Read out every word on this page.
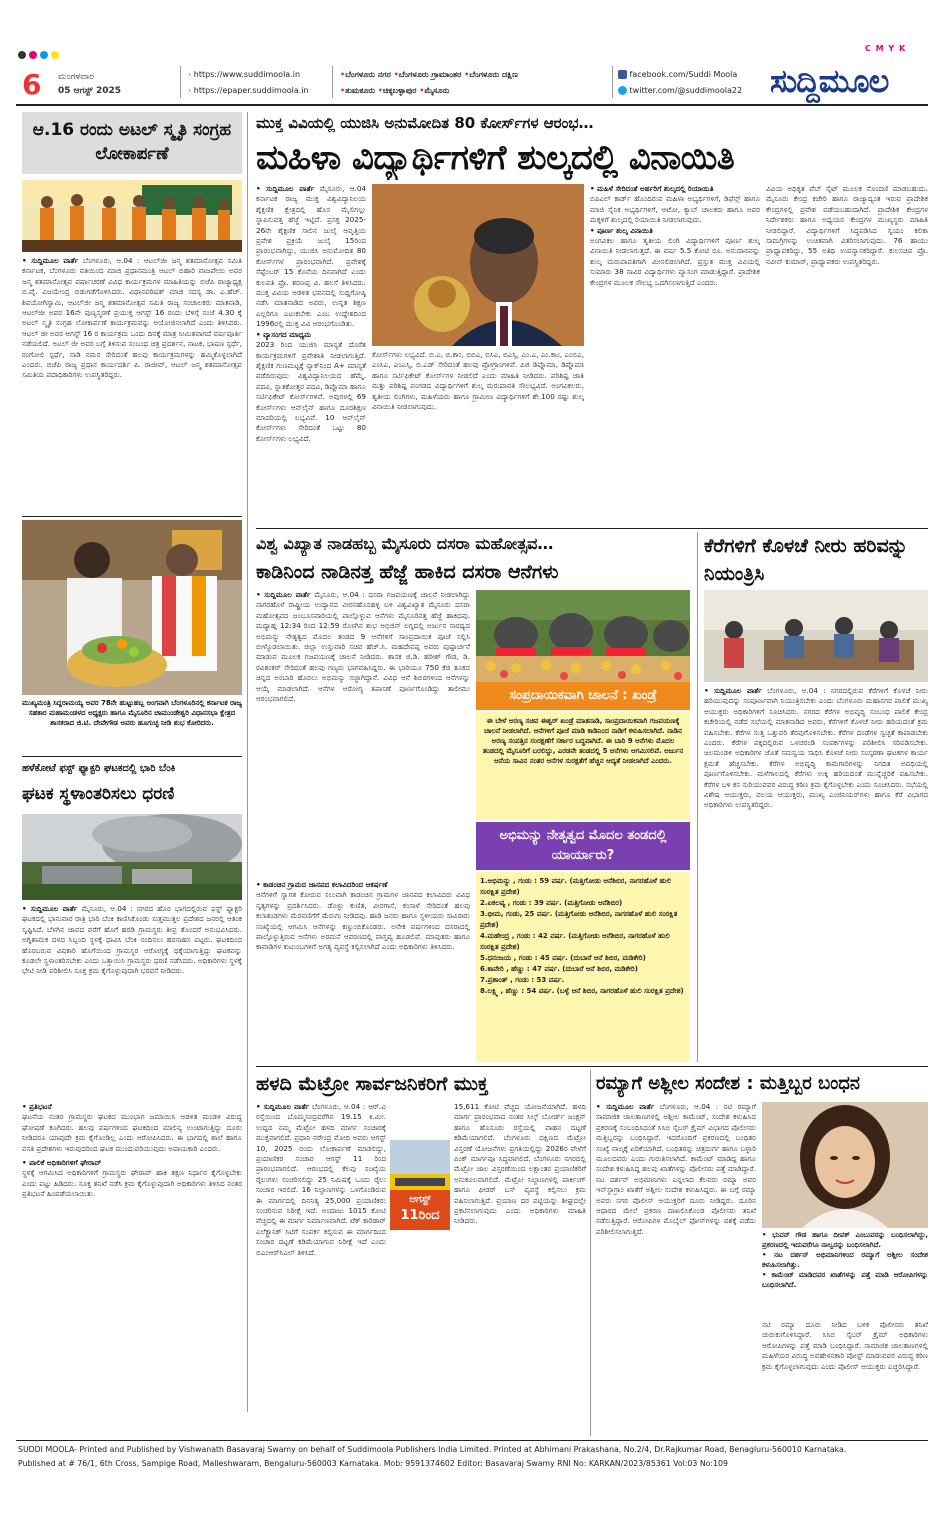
C M Y K
6 ಮಂಗಳವಾರ
05 ಆಗಸ್ಟ್ 2025
› https://www.suddimoola.in
› https://epaper.suddimoola.in
•ಬೆಂಗಳೂರು ನಗರ •ಬೆಂಗಳೂರು ಗ್ರಾಮಾಂತರ •ಬೆಂಗಳೂರು ದಕ್ಷಿಣ
•ತುಮಕೂರು •ಚಿಕ್ಕಬಳ್ಳಾಪುರ •ಮೈಸೂರು
facebook.com/Suddi Moola
twitter.com/@suddimoola22 ಸುದ್ದಿಮೂಲ
ಆ.16 ರಂದು ಅಟಲ್ ಸ್ಮೃತಿ ಸಂಗ್ರಹ ಲೋಕಾರ್ಪಣೆ
• ಸುದ್ದಿಮೂಲ ವಾರ್ತೆ ಬೆಂಗಳೂರು, ಆ.04 : ಆಟಲ್‌ಜೀ ಜನ್ಮ ಶತಮಾನೋತ್ಸವ ಸಮಿತಿ ಕರ್ನಾಟಕ, ಬೆಂಗಳೂರು ವತಿಯಿಂದ ಮಾಜಿ ಪ್ರಧಾನಮಂತ್ರಿ ಆಟಲ್ ಬಿಹಾರಿ ವಾಜಪೇಯಿ ಅವರ ಜನ್ಮ ಶತಮಾನೋತ್ಸವ ವರ್ಷಾಚರಣೆ ವಿವಿಧ ಕಾರ್ಯಕ್ರಮಗಳ ಮಾಹಿತಿಯನ್ನು ಬಿಜೆಪಿ ರಾಜ್ಯಾಧ್ಯಕ್ಷ ಬಿ.ವೈ. ವಿಜಯೇಂದ್ರ ಬಿಡುಗಡೆಗೊಳಿಸಿದರು. ವಿಧಾನಪರಿಷತ್ ಮಾಜಿ ಸದಸ್ಯ ಡಾ. ಎ.ಹೆಚ್. ಶಿವಯೋಗಿಸ್ವಾಮಿ, ಆಟಲ್‌ಜೀ ಜನ್ಮ ಶತಮಾನೋತ್ಸವ ಸಮಿತಿ ರಾಜ್ಯ ಸಂಚಾಲಕರು ಮಾತನಾಡಿ, ಆಟಲ್‌ಜೀ ಅವರ 16ನೇ ಪುಣ್ಯಸ್ಮರಣೆ ಪ್ರಯುಕ್ತ ಆಗಸ್ಟ್ 16 ರಂದು ಬೆಳಿಗ್ಗೆ ಸಂಜೆ 4.30 ಕ್ಕೆ ಅಟಲ್ ಸ್ಮೃತಿ ಸಂಗ್ರಹ ಲೋಕಾರ್ಪಣೆ ಕಾರ್ಯಕ್ರಮವನ್ನು ಆಯೋಜಿಸಲಾಗಿದೆ ಎಂದು ತಿಳಿಸಿದರು. ಆಟಲ್ ಜೀ ಅವರ ಆಗಸ್ಟ್ 16 ರ ಕಾರ್ಯಕ್ರಮ ಒಂದು ದಿನಕ್ಕೆ ಮಾತ್ರ ಸೀಮಿತವಾಗದೆ ವರ್ಷಪೂರ್ತಿ ನಡೆಯಲಿದೆ. ಅಟಲ್ ಜೀ ಅವರ ಬಗ್ಗೆ ತಿಳಿಸುವ ಸಂಬಂಧ ಚಿತ್ರ ಪ್ರದರ್ಶನ, ನಾಟಕ, ಭಾಷಣ ಸ್ಪರ್ಧೆ, ರಂಗೋಲಿ ಸ್ಪರ್ಧೆ, ನಾಡಿ ನಮನ ಸೇರಿದಂತೆ ಹಲವು ಕಾರ್ಯಕ್ರಮಗಳನ್ನು ಹಮ್ಮಿಕೊಳ್ಳಲಾಗಿದೆ ಎಂದರು. ಬಿಜೆಪಿ ರಾಜ್ಯ ಪ್ರಧಾನ ಕಾರ್ಯದರ್ಶಿ ಪಿ. ರಾಜೀವ್, ಆಟಲ್ ಜನ್ಮ ಶತಮಾನೋತ್ಸವ ಸಮಿತಿಯ ಪದಾಧಿಕಾರಿಗಳು ಉಪಸ್ಥಿತರಿದ್ದರು.
ಮುಖ್ಯಮಂತ್ರಿ ಸಿದ್ದರಾಮಯ್ಯ ಅವರ 78ನೇ ಹುಟ್ಟುಹಬ್ಬ ಅಂಗವಾಗಿ ಬೆಂಗಳೂರಿನಲ್ಲಿ ಕರ್ನಾಟಕ ರಾಜ್ಯ ಸಹಕಾರ ಮಹಾಮಂಡಳದ ಅಧ್ಯಕ್ಷರು ಹಾಗೂ ಮೈಸೂರಿನ ಚಾಮುಂಡೇಶ್ವರಿ ವಿಧಾನಸಭಾ ಕ್ಷೇತ್ರದ ಶಾಸಕರಾದ ಜಿ.ಟಿ. ದೇವೇಗೌಡ ಅವರು ಹೂಗುಚ್ಛ ನೀಡಿ ಶುಭ ಕೋರಿದರು.
ಹಳೆಕೋಟೆ ಫಸ್ಟ್ ಫ್ಯಾಕ್ಟರಿ ಘಟಕದಲ್ಲಿ ಭಾರಿ ಬೆಂಕಿ
ಘಟಕ ಸ್ಥಳಾಂತರಿಸಲು ಧರಣಿ
• ಸುದ್ದಿಮೂಲ ವಾರ್ತೆ ಮೈಸೂರು, ಆ.04 : ನಗರದ ಹೊರ ಭಾಗದಲ್ಲಿರುವ ಫಸ್ಟ್ ಫ್ಯಾಕ್ಟರಿ ಘಟಕದಲ್ಲಿ ಭಾನುವಾರ ರಾತ್ರಿ ಭಾರಿ ಬೆಂಕಿ ಕಾಣಿಸಿಕೊಂಡು ಸುತ್ತಮುತ್ತಲ ಪ್ರದೇಶದ ಜನರಲ್ಲಿ ಆತಂಕ ಸೃಷ್ಟಿಸಿದೆ. ಬೆಳಗಿನ ಜಾವದ ವರೆಗೆ ಹೊಗೆ ಹರಡಿ ಗ್ರಾಮಸ್ಥರು ತೀವ್ರ ತೊಂದರೆ ಅನುಭವಿಸಿದರು. ಅಗ್ನಿಶಾಮಕ ದಳದ ಸಿಬ್ಬಂದಿ ಸ್ಥಳಕ್ಕೆ ಧಾವಿಸಿ ಬೆಂಕಿ ನಂದಿಸಲು ಹರಸಾಹಸ ಪಟ್ಟರು. ಘಟಕದಿಂದ ಹೊರಬರುವ ವಿಷಕಾರಿ ಹೊಗೆಯಿಂದ ಗ್ರಾಮಸ್ಥರ ಆರೋಗ್ಯಕ್ಕೆ ಧಕ್ಕೆಯಾಗುತ್ತಿದ್ದು ಘಟಕವನ್ನು ಕೂಡಲೇ ಸ್ಥಳಾಂತರಿಸಬೇಕು ಎಂದು ಒತ್ತಾಯಿಸಿ ಗ್ರಾಮಸ್ಥರು ಧರಣಿ ನಡೆಸಿದರು. ಅಧಿಕಾರಿಗಳು ಸ್ಥಳಕ್ಕೆ ಭೇಟಿ ನೀಡಿ ಪರಿಶೀಲಿಸಿ ಸೂಕ್ತ ಕ್ರಮ ಕೈಗೊಳ್ಳುವುದಾಗಿ ಭರವಸೆ ನೀಡಿದರು.
• ಪ್ರತಿಭಟನೆ
ಘಟನೆಯ ನಂತರ ಗ್ರಾಮಸ್ಥರು ಘಟಕದ ಮುಂಭಾಗ ಜಮಾಯಿಸಿ ಆಡಳಿತ ಮಂಡಳಿ ವಿರುದ್ಧ ಘೋಷಣೆ ಕೂಗಿದರು. ಹಲವು ವರ್ಷಗಳಿಂದ ಘಟಕದಿಂದ ಮಾಲಿನ್ಯ ಉಂಟಾಗುತ್ತಿದ್ದು ದೂರು ನೀಡಿದರೂ ಯಾವುದೇ ಕ್ರಮ ಕೈಗೊಂಡಿಲ್ಲ ಎಂದು ಆರೋಪಿಸಿದರು. ಈ ಭಾಗದಲ್ಲಿ ಶಾಲೆ ಹಾಗೂ ವಸತಿ ಪ್ರದೇಶಗಳು ಇರುವುದರಿಂದ ಘಟಕ ಮುಂದುವರಿಯುವುದು ಅಪಾಯಕಾರಿ ಎಂದರು.
• ಪಾಲಿಕೆ ಅಧಿಕಾರಿಗಳಿಗೆ ಘೇರಾವ್
ಸ್ಥಳಕ್ಕೆ ಆಗಮಿಸಿದ ಅಧಿಕಾರಿಗಳಿಗೆ ಗ್ರಾಮಸ್ಥರು ಘೇರಾವ್ ಹಾಕಿ ತಕ್ಷಣ ನಿರ್ಧಾರ ಕೈಗೊಳ್ಳಬೇಕು ಎಂದು ಪಟ್ಟು ಹಿಡಿದರು. ಸೂಕ್ತ ತನಿಖೆ ನಡೆಸಿ ಕ್ರಮ ಕೈಗೊಳ್ಳುವುದಾಗಿ ಅಧಿಕಾರಿಗಳು ತಿಳಿಸಿದ ನಂತರ ಪ್ರತಿಭಟನೆ ಹಿಂಪಡೆಯಲಾಯಿತು.
ಮುಕ್ತ ವಿವಿಯಲ್ಲಿ ಯುಜಿಸಿ ಅನುಮೋದಿತ 80 ಕೋರ್ಸ್‌ಗಳ ಆರಂಭ…
ಮಹಿಳಾ ವಿದ್ಯಾರ್ಥಿಗಳಿಗೆ ಶುಲ್ಕದಲ್ಲಿ ವಿನಾಯಿತಿ
• ಸುದ್ದಿಮೂಲ ವಾರ್ತೆ ಮೈಸೂರು, ಆ.04 ಕರ್ನಾಟಕ ರಾಜ್ಯ ಮುಕ್ತ ವಿಶ್ವವಿದ್ಯಾನಿಲಯ ಶೈಕ್ಷಣಿಕ ಕ್ಷೇತ್ರದಲ್ಲಿ ಹೊಸ ಮೈಲಿಗಲ್ಲು ಸ್ಥಾಪಿಸುವತ್ತ ಹೆಜ್ಜೆ ಇಟ್ಟಿದೆ. ಪ್ರಸಕ್ತ 2025-26ನೇ ಶೈಕ್ಷಣಿಕ ಸಾಲಿನ ಜುಲೈ ಆವೃತ್ತಿಯ ಪ್ರವೇಶ ಪ್ರಕ್ರಿಯೆ ಜುಲೈ 15ರಿಂದ ಪ್ರಾರಂಭವಾಗಿದ್ದು, ಯುಜಿಸಿ ಅನುಮೋದಿತ 80 ಕೋರ್ಸ್‌ಗಳ ಪ್ರಾರಂಭವಾಗಿದೆ. ಪ್ರವೇಶಕ್ಕೆ ಸೆಪ್ಟೆಂಬರ್ 15 ಕೊನೆಯ ದಿನವಾಗಿದೆ ಎಂದು ಕುಲಪತಿ ಪ್ರೊ. ಶರಣಪ್ಪ ವಿ. ಹಲಸೆ ತಿಳಿಸಿದರು. ಮುಕ್ತ ವಿವಿಯ ಆಡಳಿತ ಭವನದಲ್ಲಿ ಸುದ್ದಿಗೋಷ್ಠಿ ನಡೆಸಿ ಮಾತನಾಡಿದ ಅವರು, ಉನ್ನತ ಶಿಕ್ಷಣ ಎಲ್ಲರಿಗೂ ಎಟುಕಬೇಕು ಎಂಬ ಉದ್ದೇಶದಿಂದ 1996ರಲ್ಲಿ ಮುಕ್ತ ವಿವಿ ಆರಂಭಗೊಂಡಿತು.
• ವ್ಯಾಸಂಗದ ಮಾಧ್ಯಮ
2023 ರಿಂದ ಯುಜಿಸಿ ಮಾನ್ಯತೆ ದೊರೆತ ಕಾರ್ಯಕ್ರಮಗಳಿಗೆ ಪ್ರವೇಶಾತಿ ನೀಡಲಾಗುತ್ತಿದೆ. ಶೈಕ್ಷಣಿಕ ಗುಣಮಟ್ಟಕ್ಕೆ ನ್ಯಾಕ್‌ನಿಂದ A+ ಮಾನ್ಯತೆ ಪಡೆದಿರುವುದು ವಿಶ್ವವಿದ್ಯಾನಿಲಯದ ಹೆಮ್ಮೆ. ಪದವಿ, ಸ್ನಾತಕೋತ್ತರ ಪದವಿ, ಡಿಪ್ಲೊಮಾ ಹಾಗೂ ಸರ್ಟಿಫಿಕೇಟ್ ಕೋರ್ಸ್‌ಗಳಿವೆ. ಅವುಗಳಲ್ಲಿ 69 ಕೋರ್ಸ್‌ಗಳು ಆನ್‌ಲೈನ್ ಹಾಗೂ ದೂರಶಿಕ್ಷಣ ಮಾದರಿಯಲ್ಲಿ ಲಭ್ಯವಿವೆ. 10 ಆನ್‌ಲೈನ್ ಕೋರ್ಸ್‌ಗಳು ಸೇರಿದಂತೆ ಒಟ್ಟು 80 ಕೋರ್ಸ್‌ಗಳು ಲಭ್ಯವಿದೆ.
ಕೋರ್ಸ್‌ಗಳು ಲಭ್ಯವಿದೆ. ಬಿ.ಎ, ಬಿ.ಕಾಂ, ಬಿಬಿಎ, ಬಿಸಿಎ, ಬಿಎಸ್ಸಿ, ಎಂ.ಎ, ಎಂ.ಕಾಂ, ಎಂಬಿಎ, ಎಂಸಿಎ, ಎಂಎಸ್ಸಿ, ಬಿ.ಎಡ್ ಸೇರಿದಂತೆ ಹಲವು ಪ್ರೋಗ್ರಾಂಗಳಿವೆ. ಪಿಜಿ ಡಿಪ್ಲೊಮಾ, ಡಿಪ್ಲೊಮಾ ಹಾಗೂ ಸರ್ಟಿಫಿಕೇಟ್ ಕೋರ್ಸ್‌ಗಳ ನೀಡಲಿದೆ ಎಂದು ಮಾಹಿತಿ ನೀಡಿದರು. ಪರಿಶಿಷ್ಟ ಜಾತಿ ಮತ್ತು ಪರಿಶಿಷ್ಟ ಪಂಗಡದ ವಿದ್ಯಾರ್ಥಿಗಳಿಗೆ ಶುಲ್ಕ ಮರುಪಾವತಿ ಸೌಲಭ್ಯವಿದೆ. ಅಂಗವಿಕಲರು, ತೃತೀಯ ಲಿಂಗಿಗಳು, ಮಹಿಳೆಯರು ಹಾಗೂ ಗ್ರಾಮೀಣ ವಿದ್ಯಾರ್ಥಿಗಳಿಗೆ ಶೇ.100 ರಷ್ಟು ಶುಲ್ಕ ವಿನಾಯಿತಿ ನೀಡಲಾಗುವುದು.
• ಮಹಿಳೆ ಸೇರಿದಂತೆ ಅರ್ಹರಿಗೆ ಶುಲ್ಕದಲ್ಲಿ ರಿಯಾಯಿತಿ
ಬಿಪಿಎಲ್ ಕಾರ್ಡ್ ಹೊಂದಿರುವ ಮಹಿಳಾ ಅಭ್ಯರ್ಥಿಗಳಿಗೆ, ಡಿಫೆನ್ಸ್ ಹಾಗೂ ಮಾಜಿ ಸೈನಿಕ ಅಭ್ಯರ್ಥಿಗಳಿಗೆ, ಆಟೋ, ಕ್ಯಾಬ್ ಚಾಲಕರು ಹಾಗೂ ಅವರ ಮಕ್ಕಳಿಗೆ ಶುಲ್ಕದಲ್ಲಿ ರಿಯಾಯಿತಿ ನೀಡಲಾಗುವುದು.
• ಪೂರ್ಣ ಶುಲ್ಕ ವಿನಾಯಿತಿ
ಅಂಗವಿಕಲ ಹಾಗೂ ತೃತೀಯ ಲಿಂಗಿ ವಿದ್ಯಾರ್ಥಿಗಳಿಗೆ ಪೂರ್ಣ ಶುಲ್ಕ ವಿನಾಯಿತಿ ನೀಡಲಾಗುತ್ತದೆ. ಈ ವರ್ಷ 5.5 ಕೋಟಿ ರೂ. ಅನುದಾನವನ್ನು ಶುಲ್ಕ ಮರುಪಾವತಿಗಾಗಿ ಮೀಸಲಿಡಲಾಗಿದೆ. ಪ್ರಸ್ತುತ ಮುಕ್ತ ವಿವಿಯಲ್ಲಿ ಸುಮಾರು 38 ಸಾವಿರ ವಿದ್ಯಾರ್ಥಿಗಳು ವ್ಯಾಸಂಗ ಮಾಡುತ್ತಿದ್ದಾರೆ. ಪ್ರಾದೇಶಿಕ ಕೇಂದ್ರಗಳ ಮೂಲಕ ಸೌಲಭ್ಯ ಒದಗಿಸಲಾಗುತ್ತಿದೆ ಎಂದರು.
ವಿವಿಯ ಅಧಿಕೃತ ವೆಬ್ ಸೈಟ್ ಮೂಲಕ ನೊಂದಣಿ ಮಾಡಬಹುದು. ಮೈಸೂರು ಕೇಂದ್ರ ಕಚೇರಿ ಹಾಗೂ ರಾಜ್ಯಾದ್ಯಂತ ಇರುವ ಪ್ರಾದೇಶಿಕ ಕೇಂದ್ರಗಳಲ್ಲಿ ಪ್ರವೇಶ ಪಡೆಯಬಹುದಾಗಿದೆ. ಪ್ರಾದೇಶಿಕ ಕೇಂದ್ರಗಳ ನಿರ್ದೇಶಕರು ಹಾಗೂ ಅಧ್ಯಯನ ಕೇಂದ್ರಗಳ ಮುಖ್ಯಸ್ಥರು ಮಾಹಿತಿ ನೀಡಲಿದ್ದಾರೆ. ವಿದ್ಯಾರ್ಥಿಗಳಿಗೆ ಸಿದ್ಧಪಡಿಸಿದ ಸ್ವಯಂ ಕಲಿಕಾ ಸಾಮಗ್ರಿಗಳನ್ನು ಉಚಿತವಾಗಿ ವಿತರಿಸಲಾಗುವುದು. 76 ಹಾಯು ಪ್ರಾಧ್ಯಾಪಕರಿದ್ದು, 55 ಅತಿಥಿ ಉಪನ್ಯಾಸಕರಿದ್ದಾರೆ. ಕುಲಸಚಿವ ಪ್ರೊ. ನವೀನ್ ಕುಮಾರ್, ಪ್ರಾಧ್ಯಾಪಕರು ಉಪಸ್ಥಿತರಿದ್ದರು.
ವಿಶ್ವ ವಿಖ್ಯಾತ ನಾಡಹಬ್ಬ ಮೈಸೂರು ದಸರಾ ಮಹೋತ್ಸವ…
ಕಾಡಿನಿಂದ ನಾಡಿನತ್ತ ಹೆಜ್ಜೆ ಹಾಕಿದ ದಸರಾ ಆನೆಗಳು
• ಸುದ್ದಿಮೂಲ ವಾರ್ತೆ ಮೈಸೂರು, ಆ.04 : ದಸರಾ ಗಜಪಯಣಕ್ಕೆ ಚಾಲನೆ ನೀಡಲಾಗಿದ್ದು ನಾಗರಹೊಳೆ ರಾಷ್ಟ್ರೀಯ ಉದ್ಯಾನದ ವೀರನಹೊಸಹಳ್ಳಿ ಬಳಿ ವಿಶ್ವವಿಖ್ಯಾತ ಮೈಸೂರು ದಸರಾ ಮಹೋತ್ಸವದ ಜಂಬೂಸವಾರಿಯಲ್ಲಿ ಪಾಲ್ಗೊಳ್ಳುವ ಆನೆಗಳು ಮೈಸೂರಿನತ್ತ ಹೆಜ್ಜೆ ಹಾಕಿದವು. ಮಧ್ಯಾಹ್ನ 12:34 ರಿಂದ 12:59 ರೊಳಗಿನ ಶುಭ ಅಭಿಜಿನ್ ಲಗ್ನದಲ್ಲಿ ಅರ್ಜುನ ಸಾರಥ್ಯದ ಅಭಿಮನ್ಯು ನೇತೃತ್ವದ ಮೊದಲ ತಂಡದ 9 ಆನೆಗಳಿಗೆ ಸಾಂಪ್ರದಾಯಿಕ ಪೂಜೆ ಸಲ್ಲಿಸಿ ಬೀಳ್ಕೊಡಲಾಯಿತು. ಜಿಲ್ಲಾ ಉಸ್ತುವಾರಿ ಸಚಿವ ಹೆಚ್.ಸಿ. ಮಹದೇವಪ್ಪ ಅವರು ಪುಷ್ಪಾರ್ಚನೆ ಮಾಡುವ ಮೂಲಕ ಗಜಪಯಣಕ್ಕೆ ಚಾಲನೆ ನೀಡಿದರು. ಶಾಸಕ ಜಿ.ಡಿ. ಹರೀಶ್ ಗೌಡ, ಡಿ. ರವಿಶಂಕರ್ ಸೇರಿದಂತೆ ಹಲವು ಗಣ್ಯರು ಭಾಗವಹಿಸಿದ್ದರು. ಈ ಭಾರಿಯೂ 750 ಕೆಜಿ ತೂಕದ ಚಿನ್ನದ ಅಂಬಾರಿ ಹೊರಲು ಅಭಿಮನ್ಯು ಸಜ್ಜಾಗಿದ್ದಾನೆ. ವಿವಿಧ ಆನೆ ಶಿಬಿರಗಳಿಂದ ಆನೆಗಳನ್ನು ಆಯ್ಕೆ ಮಾಡಲಾಗಿದೆ. ಆನೆಗಳ ಆರೋಗ್ಯ ತಪಾಸಣೆ ಪೂರ್ಣಗೊಂಡಿದ್ದು ತಾಲೀಮು ಆರಂಭವಾಗಲಿದೆ.
• ಕಾಡಂಚಿನ ಗ್ರಾಮದ ಜಾನಪದ ಕಲಾವಿದರಿಂದ ಆಕರ್ಷಣೆ
ಆನೆಗಳಿಗೆ ಸ್ವಾಗತ ಕೋರುವ ಸಲುವಾಗಿ ಕಾಡಂಚಿನ ಗ್ರಾಮಗಳ ಜಾನಪದ ಕಲಾವಿದರು ವಿವಿಧ ನೃತ್ಯಗಳನ್ನು ಪ್ರದರ್ಶಿಸಿದರು. ಡೊಳ್ಳು ಕುಣಿತ, ವೀರಗಾಸೆ, ಕಂಸಾಳೆ ಸೇರಿದಂತೆ ಹಲವು ಕಲಾತಂಡಗಳು ಮೆರವಣಿಗೆಗೆ ಮೆರುಗು ನೀಡಿದವು. ಹಾಡಿ ಜನರು ಹಾಗೂ ಸ್ಥಳೀಯರು ಸಾವಿರಾರು ಸಂಖ್ಯೆಯಲ್ಲಿ ಆಗಮಿಸಿ ಆನೆಗಳನ್ನು ಕಣ್ತುಂಬಿಕೊಂಡರು. ಅನೇಕ ವರ್ಷಗಳಿಂದ ದಸರಾದಲ್ಲಿ ಪಾಲ್ಗೊಳ್ಳುತ್ತಿರುವ ಆನೆಗಳು ಅರಮನೆ ಆವರಣದಲ್ಲಿ ವಾಸ್ತವ್ಯ ಹೂಡಲಿವೆ. ಮಾವುತರು ಹಾಗೂ ಕಾವಾಡಿಗಳ ಕುಟುಂಬಗಳಿಗೆ ಅಗತ್ಯ ವ್ಯವಸ್ಥೆ ಕಲ್ಪಿಸಲಾಗಿದೆ ಎಂದು ಅಧಿಕಾರಿಗಳು ತಿಳಿಸಿದರು.
ಸಂಪ್ರದಾಯಿಕವಾಗಿ ಚಾಲನೆ : ಖಂಡ್ರೆ
ಈ ಬೇಳೆ ಅರಣ್ಯ ಸಚಿವ ಈಶ್ವರ್ ಖಂಡ್ರೆ ಮಾತನಾಡಿ, ಸಾಂಪ್ರದಾಯಿಕವಾಗಿ ಗಜಪಯಣಕ್ಕೆ ಚಾಲನೆ ನೀಡಲಾಗಿದೆ. ಆನೆಗಳಿಗೆ ಪೂಜೆ ಮಾಡಿ ಕಾಡಿನಿಂದ ನಾಡಿಗೆ ಕಳುಹಿಸಲಾಗಿದೆ. ನಾಡಿನ ಅರಣ್ಯ ಸಂಪತ್ತಿನ ಸಂರಕ್ಷಣೆಗೆ ಸರ್ಕಾರ ಬದ್ಧವಾಗಿದೆ. ಈ ಬಾರಿ 9 ಆನೆಗಳು ಮೊದಲ ತಂಡದಲ್ಲಿ ಮೈಸೂರಿಗೆ ಬರಲಿದ್ದು, ಎರಡನೇ ತಂಡದಲ್ಲಿ 5 ಆನೆಗಳು ಆಗಮಿಸಲಿವೆ. ಅರ್ಜುನ ಆನೆಯ ಸಾವಿನ ನಂತರ ಆನೆಗಳ ಸುರಕ್ಷತೆಗೆ ಹೆಚ್ಚಿನ ಆದ್ಯತೆ ನೀಡಲಾಗಿದೆ ಎಂದರು.
ಅಭಿಮನ್ಯು ನೇತೃತ್ವದ ಮೊದಲ ತಂಡದಲ್ಲಿ ಯಾರ್ಯಾರು?
1.ಅಭಿಮನ್ಯು , ಗಂಡು : 59 ವರ್ಷ. (ಮತ್ತಿಗೋಡು ಆನೆಶಿಬಿರ, ನಾಗರಹೊಳೆ ಹುಲಿ ಸಂರಕ್ಷಿತ ಪ್ರದೇಶ)
2.ಏಕಲವ್ಯ , ಗಂಡು : 39 ವರ್ಷ. (ಮತ್ತಿಗೋಡು ಆನೆಶಿಬಿರ)
3.ಭೀಮ, ಗಂಡು, 25 ವರ್ಷ. (ಮತ್ತಿಗೋಡು ಆನೆಶಿಬಿರ, ನಾಗರಹೊಳೆ ಹುಲಿ ಸಂರಕ್ಷಿತ ಪ್ರದೇಶ)
4.ಮಹೇಂದ್ರ , ಗಂಡು : 42 ವರ್ಷ. (ಮತ್ತಿಗೋಡು ಆನೆಶಿಬಿರ, ನಾಗರಹೊಳೆ ಹುಲಿ ಸಂರಕ್ಷಿತ ಪ್ರದೇಶ)
5.ಧನಂಜಯ , ಗಂಡು : 45 ವರ್ಷ. (ದುಬಾರೆ ಆನೆ ಶಿಬಿರ, ಮಡಿಕೇರಿ)
6.ಕಾವೇರಿ , ಹೆಣ್ಣು : 47 ವರ್ಷ. (ದುಬಾರೆ ಆನೆ ಶಿಬಿರ, ಮಡಿಕೇರಿ)
7.ಪ್ರಶಾಂತ್ , ಗಂಡು : 53 ವರ್ಷ.
8.ಲಕ್ಷ್ಮಿ , ಹೆಣ್ಣು : 54 ವರ್ಷ. (ಬಳ್ಳೆ ಆನೆ ಶಿಬಿರ, ನಾಗರಹೊಳೆ ಹುಲಿ ಸಂರಕ್ಷಿತ ಪ್ರದೇಶ)
ಕೆರೆಗಳಿಗೆ ಕೊಳಚೆ ನೀರು ಹರಿವನ್ನು ನಿಯಂತ್ರಿಸಿ
• ಸುದ್ದಿಮೂಲ ವಾರ್ತೆ ಬೆಂಗಳೂರು, ಆ.04 : ನಗರದಲ್ಲಿರುವ ಕೆರೆಗಳಿಗೆ ಕೊಳಚೆ ನೀರು ಹರಿಯುವುದನ್ನು ಸಂಪೂರ್ಣವಾಗಿ ನಿಯಂತ್ರಿಸಬೇಕು ಎಂದು ಬೆಂಗಳೂರು ಮಹಾನಗರ ಪಾಲಿಕೆ ಮುಖ್ಯ ಆಯುಕ್ತರು ಅಧಿಕಾರಿಗಳಿಗೆ ಸೂಚಿಸಿದರು. ನಗರದ ಕೆರೆಗಳ ಅಭಿವೃದ್ಧಿ ಸಂಬಂಧ ಪಾಲಿಕೆ ಕೇಂದ್ರ ಕಚೇರಿಯಲ್ಲಿ ನಡೆದ ಸಭೆಯಲ್ಲಿ ಮಾತನಾಡಿದ ಅವರು, ಕೆರೆಗಳಿಗೆ ಕೊಳಚೆ ನೀರು ಹರಿಯದಂತೆ ಕ್ರಮ ವಹಿಸಬೇಕು. ಕೆರೆಗಳ ಸುತ್ತ ಒತ್ತುವರಿ ತೆರವುಗೊಳಿಸಬೇಕು. ಕೆರೆಗಳ ದಂಡೆಗಳ ಸ್ವಚ್ಛತೆ ಕಾಪಾಡಬೇಕು ಎಂದರು. ಕೆರೆಗಳ ಪಕ್ಕದಲ್ಲಿರುವ ಒಳಚರಂಡಿ ಸಂಪರ್ಕಗಳನ್ನು ಪರಿಶೀಲಿಸಿ ಸರಿಪಡಿಸಬೇಕು. ಜಲಮಂಡಳಿ ಅಧಿಕಾರಿಗಳ ಜೊತೆ ಸಮನ್ವಯ ಸಾಧಿಸಿ ಕೊಳಚೆ ನೀರು ಸಂಸ್ಕರಣಾ ಘಟಕಗಳ ಕಾರ್ಯ ಕ್ಷಮತೆ ಹೆಚ್ಚಿಸಬೇಕು. ಕೆರೆಗಳ ಅಭಿವೃದ್ಧಿ ಕಾಮಗಾರಿಗಳನ್ನು ನಿಗದಿತ ಅವಧಿಯಲ್ಲಿ ಪೂರ್ಣಗೊಳಿಸಬೇಕು. ಮಳೆಗಾಲದಲ್ಲಿ ಕೆರೆಗಳು ಉಕ್ಕಿ ಹರಿಯದಂತೆ ಮುನ್ನೆಚ್ಚರಿಕೆ ವಹಿಸಬೇಕು. ಕೆರೆಗಳ ಬಳಿ ಕಸ ಸುರಿಯುವವರ ವಿರುದ್ಧ ಕಠಿಣ ಕ್ರಮ ಕೈಗೊಳ್ಳಬೇಕು ಎಂದು ಸೂಚಿಸಿದರು. ಸಭೆಯಲ್ಲಿ ವಿಶೇಷ ಆಯುಕ್ತರು, ವಲಯ ಆಯುಕ್ತರು, ಮುಖ್ಯ ಎಂಜಿನಿಯರ್‌ಗಳು ಹಾಗೂ ಕೆರೆ ವಿಭಾಗದ ಅಧಿಕಾರಿಗಳು ಉಪಸ್ಥಿತರಿದ್ದರು.
ಹಳದಿ ಮೆಟ್ರೋ ಸಾರ್ವಜನಿಕರಿಗೆ ಮುಕ್ತ
• ಸುದ್ದಿಮೂಲ ವಾರ್ತೆ ಬೆಂಗಳೂರು, ಆ.04 : ಆರ್.ವಿ ರಸ್ತೆಯಿಂದ ಬೊಮ್ಮಸಂದ್ರವರೆಗಿನ 19.15 ಕಿ.ಮೀ. ಉದ್ದದ ನಮ್ಮ ಮೆಟ್ರೋ ಹಳದಿ ಮಾರ್ಗ ಸಂಚಾರಕ್ಕೆ ಮುಕ್ತವಾಗಲಿದೆ. ಪ್ರಧಾನಿ ನರೇಂದ್ರ ಮೋದಿ ಅವರು ಆಗಸ್ಟ್ 10, 2025 ರಂದು ಲೋಕಾರ್ಪಣೆ ಮಾಡಲಿದ್ದು, ಪ್ರಯಾಣಿಕರ ಸಂಚಾರ ಆಗಸ್ಟ್ 11 ರಿಂದ ಪ್ರಾರಂಭವಾಗಲಿದೆ. ಆರಂಭದಲ್ಲಿ ಕೆಲವು ಸಂಖ್ಯೆಯ ರೈಲುಗಳು ಸಂಚರಿಸಲಿದ್ದು 25 ನಿಮಿಷಕ್ಕೆ ಒಂದು ರೈಲು ಸಂಚಾರ ಇರಲಿದೆ. 16 ನಿಲ್ದಾಣಗಳನ್ನು ಒಳಗೊಂಡಿರುವ ಈ ಮಾರ್ಗದಲ್ಲಿ ದಿನನಿತ್ಯ 25,000 ಪ್ರಯಾಣಿಕರು ಸಂಚರಿಸುವ ನಿರೀಕ್ಷೆ ಇದೆ. ಅಂದಾಜು 1015 ಕೋಟಿ ವೆಚ್ಚದಲ್ಲಿ ಈ ಮಾರ್ಗ ನಿರ್ಮಾಣವಾಗಿದೆ. ಟೆಕ್ ಕಾರಿಡಾರ್ ಎಲೆಕ್ಟ್ರಾನಿಕ್ ಸಿಟಿಗೆ ಸಂಪರ್ಕ ಕಲ್ಪಿಸುವ ಈ ಮಾರ್ಗದಿಂದ ಸಂಚಾರ ದಟ್ಟಣೆ ಕಡಿಮೆಯಾಗುವ ನಿರೀಕ್ಷೆ ಇದೆ ಎಂದು ಬಿಎಂಆರ್‌ಸಿಎಲ್ ತಿಳಿಸಿದೆ.
ಆಗಸ್ಟ್
11ರಿಂದ
15,611 ಕೋಟಿ ವೆಚ್ಚದ ಯೋಜನೆಯಾಗಿದೆ. ಹಳದಿ ಮಾರ್ಗ ಪ್ರಾರಂಭವಾದ ನಂತರ ಸಿಲ್ಕ್ ಬೋರ್ಡ್ ಜಂಕ್ಷನ್ ಹಾಗೂ ಹೊಸೂರು ರಸ್ತೆಯಲ್ಲಿ ವಾಹನ ದಟ್ಟಣೆ ಕಡಿಮೆಯಾಗಲಿದೆ. ಬೆಂಗಳೂರು ದಕ್ಷಿಣದ ಮೆಟ್ರೋ ವಿಸ್ತರಣೆ ಯೋಜನೆಗಳು ಪ್ರಗತಿಯಲ್ಲಿದ್ದು 2026ರ ವೇಳೆಗೆ ಪಿಂಕ್ ಮಾರ್ಗವೂ ಸಿದ್ಧವಾಗಲಿದೆ. ಬೆಂಗಳೂರು ನಗರದಲ್ಲಿ ಮೆಟ್ರೋ ಜಾಲ ವಿಸ್ತರಣೆಯಿಂದ ಲಕ್ಷಾಂತರ ಪ್ರಯಾಣಿಕರಿಗೆ ಅನುಕೂಲವಾಗಲಿದೆ. ಮೆಟ್ರೋ ನಿಲ್ದಾಣಗಳಲ್ಲಿ ಪಾರ್ಕಿಂಗ್ ಹಾಗೂ ಫೀಡರ್ ಬಸ್ ವ್ಯವಸ್ಥೆ ಕಲ್ಪಿಸಲು ಕ್ರಮ ವಹಿಸಲಾಗುತ್ತಿದೆ. ಪ್ರಯಾಣ ದರ ಪಟ್ಟಿಯನ್ನು ಶೀಘ್ರದಲ್ಲೇ ಪ್ರಕಟಿಸಲಾಗುವುದು ಎಂದು ಅಧಿಕಾರಿಗಳು ಮಾಹಿತಿ ನೀಡಿದರು.
ರಮ್ಯಾಗೆ ಅಶ್ಲೀಲ ಸಂದೇಶ : ಮತ್ತಿಬ್ಬರ ಬಂಧನ
• ಸುದ್ದಿಮೂಲ ವಾರ್ತೆ ಬೆಂಗಳೂರು, ಆ.04 : ನಟಿ ರಮ್ಯಾಗೆ ಸಾಮಾಜಿಕ ಜಾಲತಾಣಗಳಲ್ಲಿ ಅಶ್ಲೀಲ ಕಾಮೆಂಟ್, ಸಂದೇಶ ಕಳುಹಿಸಿದ ಪ್ರಕರಣಕ್ಕೆ ಸಂಬಂಧಿಸಿದಂತೆ ಸಿಸಿಬಿ ಸೈಬರ್ ಕ್ರೈಮ್ ವಿಭಾಗದ ಪೊಲೀಸರು ಮತ್ತಿಬ್ಬರನ್ನು ಬಂಧಿಸಿದ್ದಾರೆ. ಇದರೊಂದಿಗೆ ಪ್ರಕರಣದಲ್ಲಿ ಬಂಧಿತರ ಸಂಖ್ಯೆ ನಾಲ್ಕಕ್ಕೆ ಏರಿಕೆಯಾಗಿದೆ. ಬಂಧಿತರನ್ನು ಚಿತ್ರದುರ್ಗ ಹಾಗೂ ಬಳ್ಳಾರಿ ಮೂಲದವರು ಎಂದು ಗುರುತಿಸಲಾಗಿದೆ. ಕಾಮೆಂಟ್ ಮಾಡಿದ್ದ ಹಾಗೂ ಸಂದೇಶ ಕಳುಹಿಸಿದ್ದ ಹಲವು ಖಾತೆಗಳನ್ನು ಪೊಲೀಸರು ಪತ್ತೆ ಮಾಡಿದ್ದಾರೆ. ನಟ ದರ್ಶನ್ ಅಭಿಮಾನಿಗಳು ಎನ್ನಲಾದ ಕೆಲವರು ರಮ್ಯಾ ಅವರ ಇನ್‌ಸ್ಟಾಗ್ರಾಂ ಖಾತೆಗೆ ಅಶ್ಲೀಲ ಸಂದೇಶ ಕಳುಹಿಸಿದ್ದರು. ಈ ಬಗ್ಗೆ ರಮ್ಯಾ ಅವರು ನಗರ ಪೊಲೀಸ್ ಆಯುಕ್ತರಿಗೆ ದೂರು ನೀಡಿದ್ದರು. ದೂರಿನ ಆಧಾರದ ಮೇಲೆ ಪ್ರಕರಣ ದಾಖಲಿಸಿಕೊಂಡ ಪೊಲೀಸರು ತನಿಖೆ ನಡೆಸುತ್ತಿದ್ದಾರೆ. ಆರೋಪಿಗಳ ಮೊಬೈಲ್ ಫೋನ್‌ಗಳನ್ನು ವಶಕ್ಕೆ ಪಡೆದು ಪರಿಶೀಲಿಸಲಾಗುತ್ತಿದೆ.	• ಭುವನ್ ಗೌಡ ಹಾಗೂ ದೀಪಕ್ ಎಂಬುವರನ್ನು ಬಂಧಿಸಲಾಗಿದ್ದು, ಪ್ರಕರಣದಲ್ಲಿ ಇದುವರೆಗೂ ನಾಲ್ವರನ್ನು ಬಂಧಿಸಲಾಗಿದೆ.
• ನಟ ದರ್ಶನ್ ಅಭಿಮಾನಿಗಳಿಂದ ರಮ್ಯಾಗೆ ಅಶ್ಲೀಲ ಸಂದೇಶ ಕಳುಹಿಸಲಾಗಿತ್ತು.
• ಕಾಮೆಂಟ್ ಮಾಡಿದವರ ಖಾತೆಗಳನ್ನು ಪತ್ತೆ ಮಾಡಿ ಆರೋಪಿಗಳನ್ನು ಬಂಧಿಸಲಾಗಿದೆ.
ನಟಿ ರಮ್ಯಾ ದೂರು ನೀಡಿದ ಬಳಿಕ ಪೊಲೀಸರು ತನಿಖೆ ಚುರುಕುಗೊಳಿಸಿದ್ದಾರೆ. ಸಿಸಿಬಿ ಸೈಬರ್ ಕ್ರೈಮ್ ಅಧಿಕಾರಿಗಳು ಆರೋಪಿಗಳನ್ನು ಪತ್ತೆ ಮಾಡಿ ಬಂಧಿಸಿದ್ದಾರೆ. ಸಾಮಾಜಿಕ ಜಾಲತಾಣಗಳಲ್ಲಿ ಮಹಿಳೆಯರ ವಿರುದ್ಧ ಅವಹೇಳನಕಾರಿ ಪೋಸ್ಟ್ ಮಾಡುವವರ ವಿರುದ್ಧ ಕಠಿಣ ಕ್ರಮ ಕೈಗೊಳ್ಳಲಾಗುವುದು ಎಂದು ಪೊಲೀಸ್ ಆಯುಕ್ತರು ಎಚ್ಚರಿಸಿದ್ದಾರೆ.
SUDDI MOOLA- Printed and Published by Vishwanath Basavaraj Swamy on behalf of Suddimoola Publishers India Limited. Printed at Abhimani Prakashana, No.2/4, Dr.Rajkumar Road, Benagluru-560010 Karnataka.
Published at # 76/1, 6th Cross, Sampige Road, Malleshwaram, Bengaluru-560003 Karnataka. Mob: 9591374602 Editor: Basavaraj Swamy RNI No: KARKAN/2023/85361 Vol:03 No:109
